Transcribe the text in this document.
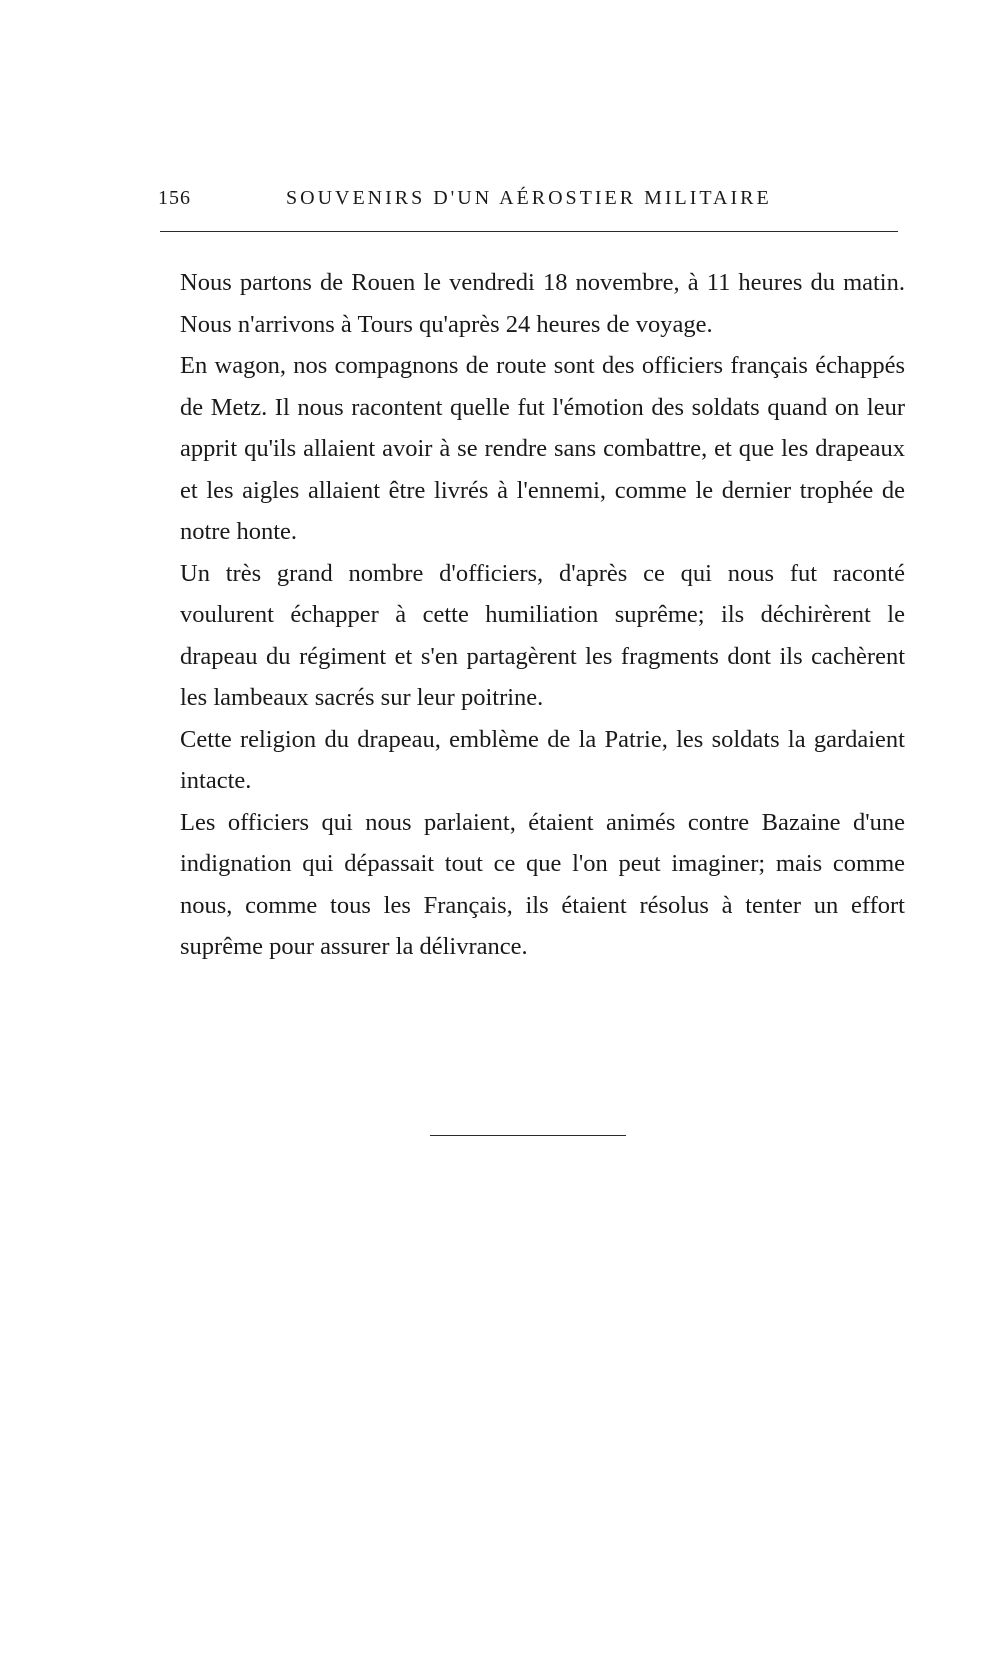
156	SOUVENIRS D'UN AÉROSTIER MILITAIRE

Nous partons de Rouen le vendredi 18 novembre, à 11 heures du matin. Nous n'arrivons à Tours qu'après 24 heures de voyage.

En wagon, nos compagnons de route sont des officiers français échappés de Metz. Il nous racontent quelle fut l'émotion des soldats quand on leur apprit qu'ils allaient avoir à se rendre sans combattre, et que les drapeaux et les aigles allaient être livrés à l'ennemi, comme le dernier trophée de notre honte.

Un très grand nombre d'officiers, d'après ce qui nous fut raconté voulurent échapper à cette humiliation suprême; ils déchirèrent le drapeau du régiment et s'en partagèrent les fragments dont ils cachèrent les lambeaux sacrés sur leur poitrine.

Cette religion du drapeau, emblème de la Patrie, les soldats la gardaient intacte.

Les officiers qui nous parlaient, étaient animés contre Bazaine d'une indignation qui dépassait tout ce que l'on peut imaginer; mais comme nous, comme tous les Français, ils étaient résolus à tenter un effort suprême pour assurer la délivrance.
